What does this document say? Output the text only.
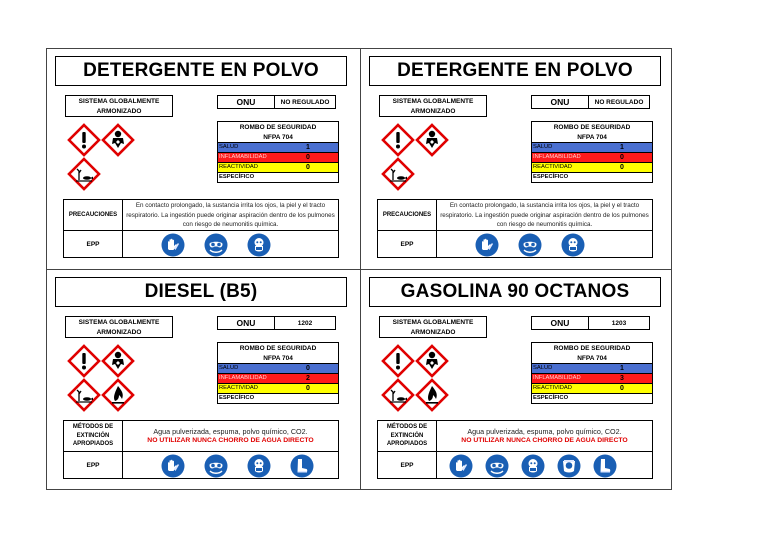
DETERGENTE EN POLVO
SISTEMA GLOBALMENTE
ARMONIZADO
ONU	NO REGULADO
ROMBO DE SEGURIDAD
NFPA 704
SALUD	1
INFLAMABILIDAD	0
REACTIVIDAD	0
ESPECÍFICO
PRECAUCIONES
En contacto prolongado, la sustancia irrita los ojos, la piel y el tracto respiratorio. La ingestión puede originar aspiración dentro de los pulmones con riesgo de neumonitis química.
EPP
DETERGENTE EN POLVO
SISTEMA GLOBALMENTE
ARMONIZADO
ONU	NO REGULADO
ROMBO DE SEGURIDAD
NFPA 704
SALUD	1
INFLAMABILIDAD	0
REACTIVIDAD	0
ESPECÍFICO
PRECAUCIONES
En contacto prolongado, la sustancia irrita los ojos, la piel y el tracto respiratorio. La ingestión puede originar aspiración dentro de los pulmones con riesgo de neumonitis química.
EPP
DIESEL (B5)
SISTEMA GLOBALMENTE
ARMONIZADO
ONU	1202
ROMBO DE SEGURIDAD
NFPA 704
SALUD	0
INFLAMABILIDAD	2
REACTIVIDAD	0
ESPECÍFICO
MÉTODOS DE
EXTINCIÓN
APROPIADOS
Agua pulverizada, espuma, polvo químico, CO2.
NO UTILIZAR NUNCA CHORRO DE AGUA DIRECTO
EPP
GASOLINA 90 OCTANOS
SISTEMA GLOBALMENTE
ARMONIZADO
ONU	1203
ROMBO DE SEGURIDAD
NFPA 704
SALUD	1
INFLAMABILIDAD	3
REACTIVIDAD	0
ESPECÍFICO
MÉTODOS DE
EXTINCIÓN
APROPIADOS
Agua pulverizada, espuma, polvo químico, CO2.
NO UTILIZAR NUNCA CHORRO DE AGUA DIRECTO
EPP
